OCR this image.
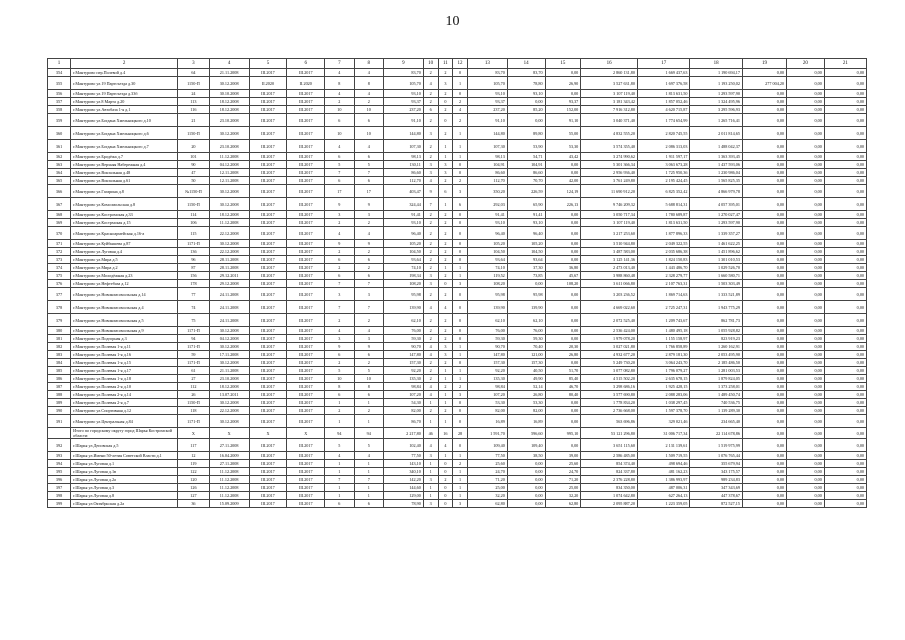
10
1	2	3	4	5	6	7	8	9	10	11	12	13	14	15	16	17	18	19	20	21
354	г.Мантурово пер.Полевой д.4	64	21.11.2008	III.2017	III.2017	4	4	83,70	2	2	0	83,70	83,70	0,00	2 860 131,80	1 669 437,63	1 190 694,17	0,00	0,00	0,00
355	г.Мантурово ул.19 Партсъезда д.30	1150-П	30.12.2008	II.2020	II.2020	8	8	105,70	4	3	1	105,70	78,80	26,90	3 527 631,80	1 697 376,58	1 193 250,02	277 004,20	0,00	0,00
356	г.Мантурово ул.19 Партсъезда д.33б	24	30.10.2008	III.2017	III.2017	4	4	93,10	2	2	0	93,10	93,10	0,00	3 107 119,40	1 813 631,50	1 293 597,90	0,00	0,00	0,00
357	г.Мантурово ул.8 Марта д.20	113	18.12.2008	III.2017	III.2017	2	2	93,37	2	0	2	93,37	0,00	93,37	3 181 343,42	1 857 052,46	1 324 495,96	0,00	0,00	0,00
358	г.Мантурово ул.Автобаза 1-я д.1	116	18.12.2008	III.2017	III.2017	10	10	237,20	6	2	4	237,20	85,20	152,00	7 916 312,80	4 620 715,87	3 295 596,93	0,00	0,00	0,00
359	г.Мантурово ул.Богдана Хмельницкого д.10	21	23.10.2008	III.2017	III.2017	6	6	91,10	2	0	2	91,10	0,00	91,10	3 040 371,40	1 774 654,99	1 265 716,41	0,00	0,00	0,00
360	г.Мантурово ул.Богдана Хмельницкого д.6	1150-П	30.12.2008	III.2017	III.2017	10	10	144,80	3	2	1	144,80	89,80	55,00	4 832 555,20	2 820 745,55	2 011 814,65	0,00	0,00	0,00
361	г.Мантурово ул.Богдана Хмельницкого д.7	20	23.10.2008	III.2017	III.2017	4	4	107,30	2	1	1	107,30	53,90	53,30	3 574 355,40	2 086 313,03	1 488 042,37	0,00	0,00	0,00
362	г.Мантурово ул.Бродёжа д.7	101	11.12.2008	III.2017	III.2017	6	6	98,13	2	1	1	98,13	54,71	43,42	3 274 990,62	1 911 597,17	1 363 393,45	0,00	0,00	0,00
363	г.Мантурово ул.Верхняя Набережная д.4	90	04.12.2008	III.2017	III.2017	5	5	130,11	3	3	0	104,91	104,91	0,00	5 301 366,34	3 063 673,28	1 437 593,06	0,00	0,00	0,00
364	г.Мантурово ул.Вокзальная д.48	47	12.11.2008	III.2017	III.2017	7	7	86,60	3	3	0	86,60	86,60	0,00	2 956 936,40	1 725 950,36	1 230 986,04	0,00	0,00	0,00
365	г.Мантурово ул.Вокзальная д.61	50	12.11.2008	III.2017	III.2017	6	6	112,70	4	2	2	112,70	70,70	42,00	3 761 249,80	2 195 424,45	1 565 825,35	0,00	0,00	0,00
366	г.Мантурово ул.Гагарина д.8	№1150-П	30.12.2008	III.2017	III.2017	17	17	403,47	9	6	3	350,20	226,59	124,19	11 690 912,20	6 825 352,42	4 866 979,78	0,00	0,00	0,00
367	г.Мантурово ул.Комсомольская д.8	1150-П	30.12.2008	III.2017	III.2017	9	9	324,44	7	1	6	292,03	65,90	226,13	9 746 209,32	5 688 814,31	4 057 395,01	0,00	0,00	0,00
368	г.Мантурово ул.Костромская д.33	114	18.12.2008	III.2017	III.2017	3	3	91,41	2	2	0	91,41	91,41	0,00	3 050 717,34	1 780 689,87	1 270 027,47	0,00	0,00	0,00
369	г.Мантурово ул.Кострмская д.15	106	11.12.2008	III.2017	III.2017	2	2	93,10	2	2	0	93,10	93,10	0,00	3 107 119,40	1 813 631,50	1 293 597,90	0,00	0,00	0,00
370	г.Мантурово ул.Красноармейская д.16-а	115	22.12.2008	III.2017	III.2017	4	4	96,40	2	2	0	96,40	96,40	0,00	3 217 253,60	1 877 896,33	1 339 357,27	0,00	0,00	0,00
371	г.Мантурово ул.Куйбышева д.87	1171-П	30.12.2008	III.2017	III.2017	9	9	105,20	2	2	0	105,20	105,20	0,00	3 510 944,80	2 049 322,55	1 461 622,25	0,00	0,00	0,00
372	г.Мантурово ул.Луговая д.4	136	22.12.2008	III.2017	III.2017	2	2	104,50	2	2	0	104,50	104,50	0,00	3 487 583,00	2 035 686,38	1 451 896,62	0,00	0,00	0,00
373	г.Мантурово ул.Мира д.5	96	28.11.2008	III.2017	III.2017	6	6	93,64	2	2	0	93,64	93,64	0,00	3 125 141,36	1 824 150,83	1 301 010,53	0,00	0,00	0,00
374	г.Мантурово ул.Мира д.2	87	28.11.2008	III.2017	III.2017	2	2	74,10	2	1	1	74,10	37,30	36,80	2 473 013,40	1 443 486,70	1 029 526,70	0,00	0,00	0,00
375	г.Мантурово ул.Молодёжная д.23	156	29.12.2011	III.2017	III.2017	6	6	198,34	3	2	1	119,52	73,85	45,67	3 988 860,48	2 328 279,77	1 660 580,71	0,00	0,00	0,00
376	г.Мантурово ул.Нефтебаза д.12	178	29.12.2008	III.2017	III.2017	7	7	108,20	3	0	3	108,20	0,00	108,20	3 611 066,80	2 107 763,31	1 503 303,49	0,00	0,00	0,00
377	г.Мантурово ул.Новокомсомольская д.14	77	24.11.2008	III.2017	III.2017	3	3	95,98	2	2	0	95,98	95,98	0,00	3 203 236,52	1 869 714,63	1 333 521,89	0,00	0,00	0,00
378	г.Мантурово ул.Новокомсомольская д.4	74	24.11.2008	III.2017	III.2017	7	7	139,90	4	4	0	139,90	139,90	0,00	4 669 022,60	2 725 247,31	1 943 775,29	0,00	0,00	0,00
379	г.Мантурово ул.Новокомсомольская д.5	75	24.11.2008	III.2017	III.2017	2	2	62,10	2	2	0	62,10	62,10	0,00	2 072 525,40	1 209 743,67	862 781,73	0,00	0,00	0,00
380	г.Мантурово ул.Новокомсомольская д.9	1171-П	30.12.2008	III.2017	III.2017	4	4	76,00	2	2	0	76,00	76,00	0,00	2 536 424,00	1 480 495,18	1 055 928,82	0,00	0,00	0,00
381	г.Мантурово ул.Подгорная д.3	94	04.12.2008	III.2017	III.2017	3	3	59,30	2	2	0	59,30	59,30	0,00	1 979 078,20	1 155 158,97	823 919,23	0,00	0,00	0,00
382	г.Мантурово ул.Полевая 1-я д.11	1171-П	30.12.2008	III.2017	III.2017	9	9	90,70	4	3	1	90,70	70,40	20,30	3 027 021,80	1 766 858,89	1 260 162,91	0,00	0,00	0,00
383	г.Мантурово ул.Полевая 1-я д.16	59	17.11.2008	III.2017	III.2017	6	6	147,80	4	3	1	147,80	121,00	26,80	4 932 677,20	2 879 181,30	2 053 495,90	0,00	0,00	0,00
384	г.Мантурово ул.Полевая 1-я д.15	1171-П	30.12.2008	III.2017	III.2017	2	2	157,30	2	2	0	157,30	157,30	0,00	5 249 730,20	3 064 243,70	2 185 486,50	0,00	0,00	0,00
385	г.Мантурово ул.Полевая 1-я д.17	61	21.11.2008	III.2017	III.2017	5	5	92,20	2	1	1	92,20	40,50	51,70	3 077 082,80	1 796 079,27	1 281 003,53	0,00	0,00	0,00
386	г.Мантурово ул.Полевая 1-я д.18	27	23.10.2008	III.2017	III.2017	10	10	135,30	2	1	1	135,30	49,90	85,40	4 515 502,20	2 635 678,15	1 879 824,05	0,00	0,00	0,00
387	г.Мантурово ул.Полевая 2-я д.10	112	18.12.2008	III.2017	III.2017	8	8	98,84	4	2	2	98,84	52,14	46,70	3 298 686,16	1 925 428,15	1 373 258,01	0,00	0,00	0,00
388	г.Мантурово ул.Полевая 2-я д.14	26	13.07.2011	III.2017	III.2017	6	6	107,20	4	1	3	107,20	26,80	80,40	3 577 690,80	2 088 283,06	1 489 450,74	0,00	0,00	0,00
389	г.Мантурово ул.Полевая 2-я д.7	1150-П	30.12.2008	III.2017	III.2017	1	1	54,30	1	1	0	53,30	53,30	0,00	1 778 834,20	1 038 297,45	740 536,75	0,00	0,00	0,00
390	г.Мантурово ул.Спортивная д.12	118	22.12.2008	III.2017	III.2017	2	2	82,00	2	2	0	82,00	82,00	0,00	2 736 668,00	1 597 378,70	1 139 289,30	0,00	0,00	0,00
391	г.Мантурово ул.Центральная д.84	1171-П	30.12.2008	III.2017	III.2017	1	1	86,70	1	1	0	16,89	16,89	0,00	563 696,86	329 021,46	234 665,40	0,00	0,00	0,00
	Итого по городскому округу город Шарья Костромской области:	X	X	X	X	94	94	2 217,80	46	16	28	1 591,70	596,60	995,10	53 121 296,80	31 006 717,34	22 114 678,86	0,00	0,00	0,00
392	г.Шарья ул.Деповская д.5	117	27.11.2008	III.2017	III.2017	5	5	102,40	4	4	0	109,40	109,40	0,00	3 651 115,60	2 131 139,61	1 519 975,99	0,00	0,00	0,00
393	г.Шарья ул.Имени 50-летия Советской Власти д.1	12	16.04.2009	III.2017	III.2017	4	4	77,50	3	1	1	77,50	38,50	39,00	2 586 485,00	1 509 719,55	1 076 765,44	0,00	0,00	0,00
394	г.Шарья ул.Луговая д.1	119	27.11.2008	III.2017	III.2017	1	1	143,10	1	0	2	25,60	0,00	25,60	854 374,40	498 694,46	355 679,94	0,00	0,00	0,00
395	г.Шарья ул.Луговая д.1в	122	11.12.2008	III.2017	III.2017	1	1	340,10	1	0	1	24,70	0,00	24,70	824 337,80	481 162,23	343 175,57	0,00	0,00	0,00
396	г.Шарья ул.Луговая д.2а	120	11.12.2008	III.2017	III.2017	7	7	142,20	3	2	1	71,20	0,00	71,20	2 376 228,80	1 386 993,97	989 234,83	0,00	0,00	0,00
397	г.Шарья ул.Луговая д.3	126	11.12.2008	III.2017	III.2017	1	1	144,60	1	0	1	25,00	0,00	25,00	834 350,00	487 006,31	347 343,69	0,00	0,00	0,00
398	г.Шарья ул.Луговая д.8	127	11.12.2008	III.2017	III.2017	1	1	129,00	1	0	1	32,20	0,00	32,20	1 074 642,80	627 264,13	447 378,67	0,00	0,00	0,00
399	г.Шарья ул.Октябрьская д.2а	36	15.09.2009	III.2017	III.2017	6	6	78,90	3	0	3	62,80	0,00	62,80	2 095 887,20	1 223 359,05	872 527,15	0,00	0,00	0,00
